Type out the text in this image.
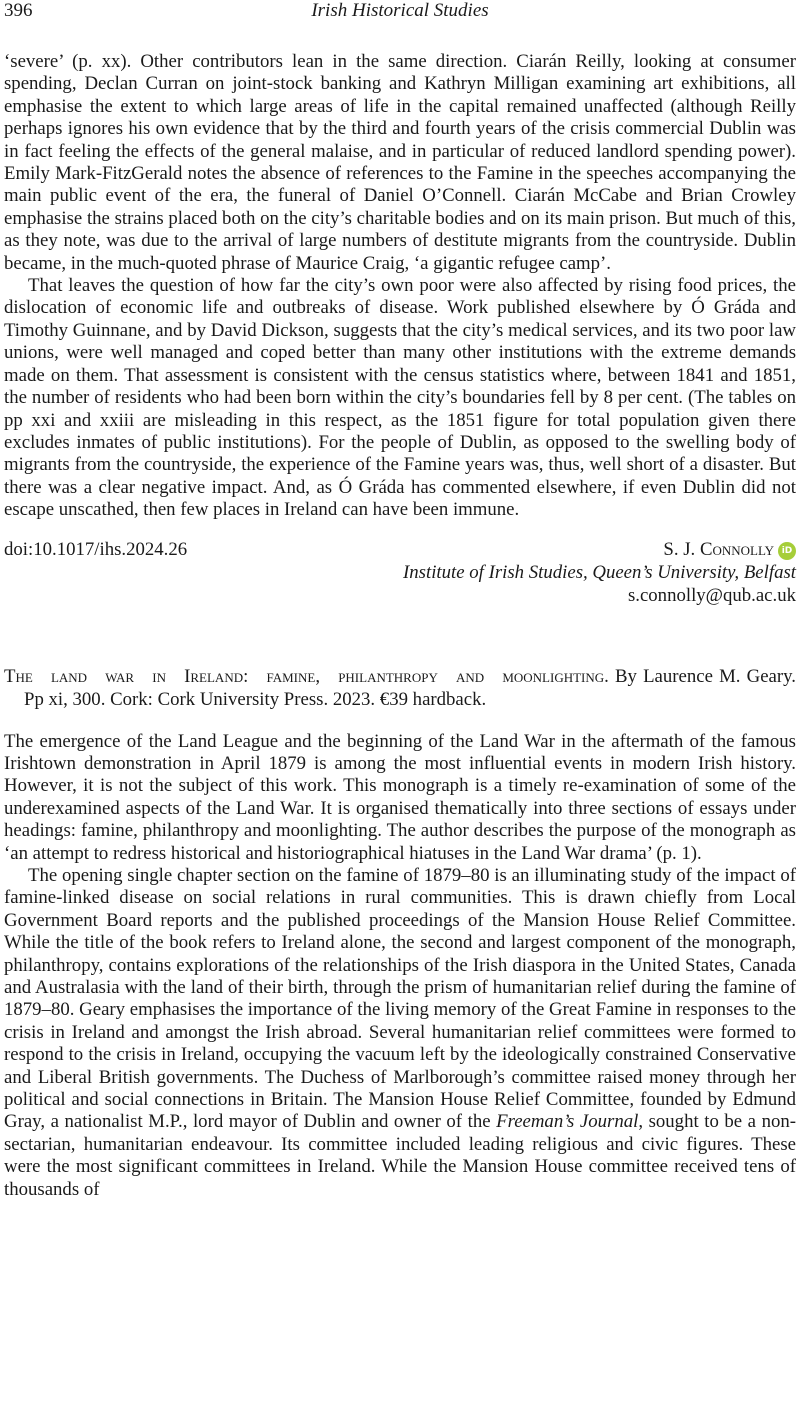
396	Irish Historical Studies

‘severe’ (p. xx). Other contributors lean in the same direction. Ciarán Reilly, looking at consumer spending, Declan Curran on joint-stock banking and Kathryn Milligan examining art exhibitions, all emphasise the extent to which large areas of life in the capital remained unaffected (although Reilly perhaps ignores his own evidence that by the third and fourth years of the crisis commercial Dublin was in fact feeling the effects of the general malaise, and in particular of reduced landlord spending power). Emily Mark-FitzGerald notes the absence of references to the Famine in the speeches accompanying the main public event of the era, the funeral of Daniel O’Connell. Ciarán McCabe and Brian Crowley emphasise the strains placed both on the city’s charitable bodies and on its main prison. But much of this, as they note, was due to the arrival of large numbers of destitute migrants from the countryside. Dublin became, in the much-quoted phrase of Maurice Craig, ‘a gigantic refugee camp’.

That leaves the question of how far the city’s own poor were also affected by rising food prices, the dislocation of economic life and outbreaks of disease. Work published elsewhere by Ó Gráda and Timothy Guinnane, and by David Dickson, suggests that the city’s medical services, and its two poor law unions, were well managed and coped better than many other institutions with the extreme demands made on them. That assessment is consistent with the census statistics where, between 1841 and 1851, the number of residents who had been born within the city’s boundaries fell by 8 per cent. (The tables on pp xxi and xxiii are misleading in this respect, as the 1851 figure for total population given there excludes inmates of public institutions). For the people of Dublin, as opposed to the swelling body of migrants from the countryside, the experience of the Famine years was, thus, well short of a disaster. But there was a clear negative impact. And, as Ó Gráda has commented elsewhere, if even Dublin did not escape unscathed, then few places in Ireland can have been immune.

doi:10.1017/ihs.2024.26	S. J. Connolly iD
Institute of Irish Studies, Queen’s University, Belfast
s.connolly@qub.ac.uk
The land war in Ireland: famine, philanthropy and moonlighting. By Laurence M. Geary. Pp xi, 300. Cork: Cork University Press. 2023. €39 hardback.

The emergence of the Land League and the beginning of the Land War in the aftermath of the famous Irishtown demonstration in April 1879 is among the most influential events in modern Irish history. However, it is not the subject of this work. This monograph is a timely re-examination of some of the underexamined aspects of the Land War. It is organised thematically into three sections of essays under headings: famine, philanthropy and moonlighting. The author describes the purpose of the monograph as ‘an attempt to redress historical and historiographical hiatuses in the Land War drama’ (p. 1).

The opening single chapter section on the famine of 1879–80 is an illuminating study of the impact of famine-linked disease on social relations in rural communities. This is drawn chiefly from Local Government Board reports and the published proceedings of the Mansion House Relief Committee. While the title of the book refers to Ireland alone, the second and largest component of the monograph, philanthropy, contains explorations of the relationships of the Irish diaspora in the United States, Canada and Australasia with the land of their birth, through the prism of humanitarian relief during the famine of 1879–80. Geary emphasises the importance of the living memory of the Great Famine in responses to the crisis in Ireland and amongst the Irish abroad. Several humanitarian relief committees were formed to respond to the crisis in Ireland, occupying the vacuum left by the ideologically constrained Conservative and Liberal British governments. The Duchess of Marlborough’s committee raised money through her political and social connections in Britain. The Mansion House Relief Committee, founded by Edmund Gray, a nationalist M.P., lord mayor of Dublin and owner of the Freeman’s Journal, sought to be a non-sectarian, humanitarian endeavour. Its committee included leading religious and civic figures. These were the most significant committees in Ireland. While the Mansion House committee received tens of thousands of
